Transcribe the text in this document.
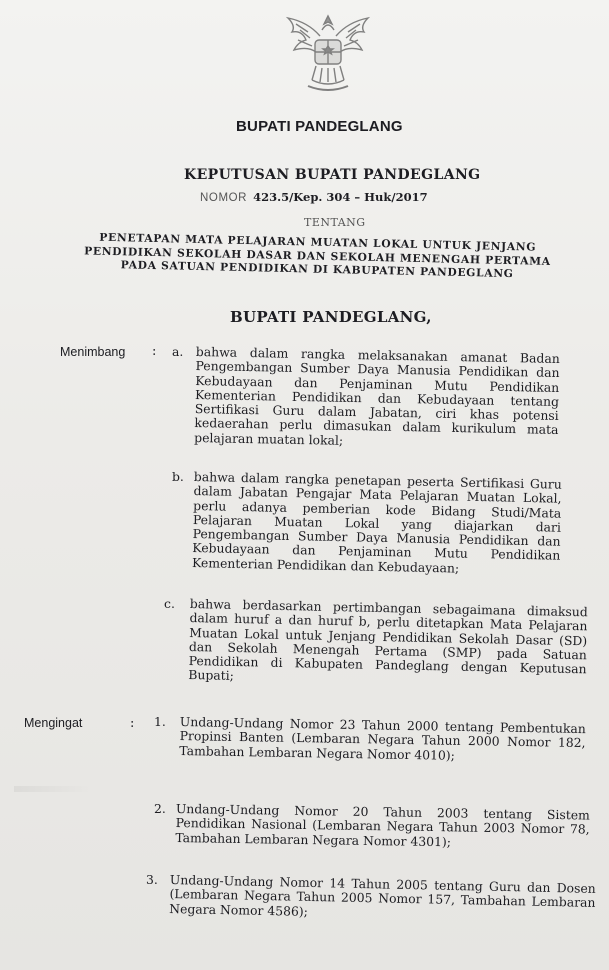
BUPATI PANDEGLANG
KEPUTUSAN BUPATI PANDEGLANG
NOMOR 423.5/Kep. 304 – Huk/2017
TENTANG
PENETAPAN MATA PELAJARAN MUATAN LOKAL UNTUK JENJANG PENDIDIKAN SEKOLAH DASAR DAN SEKOLAH MENENGAH PERTAMA PADA SATUAN PENDIDIKAN DI KABUPATEN PANDEGLANG
BUPATI PANDEGLANG,
Menimbang : a. bahwa dalam rangka melaksanakan amanat Badan Pengembangan Sumber Daya Manusia Pendidikan dan Kebudayaan dan Penjaminan Mutu Pendidikan Kementerian Pendidikan dan Kebudayaan tentang Sertifikasi Guru dalam Jabatan, ciri khas potensi kedaerahan perlu dimasukan dalam kurikulum mata pelajaran muatan lokal;
b. bahwa dalam rangka penetapan peserta Sertifikasi Guru dalam Jabatan Pengajar Mata Pelajaran Muatan Lokal, perlu adanya pemberian kode Bidang Studi/Mata Pelajaran Muatan Lokal yang diajarkan dari Pengembangan Sumber Daya Manusia Pendidikan dan Kebudayaan dan Penjaminan Mutu Pendidikan Kementerian Pendidikan dan Kebudayaan;
c. bahwa berdasarkan pertimbangan sebagaimana dimaksud dalam huruf a dan huruf b, perlu ditetapkan Mata Pelajaran Muatan Lokal untuk Jenjang Pendidikan Sekolah Dasar (SD) dan Sekolah Menengah Pertama (SMP) pada Satuan Pendidikan di Kabupaten Pandeglang dengan Keputusan Bupati;
Mengingat	: 1. Undang-Undang Nomor 23 Tahun 2000 tentang Pembentukan Propinsi Banten (Lembaran Negara Tahun 2000 Nomor 182, Tambahan Lembaran Negara Nomor 4010);
2. Undang-Undang Nomor 20 Tahun 2003 tentang Sistem Pendidikan Nasional (Lembaran Negara Tahun 2003 Nomor 78, Tambahan Lembaran Negara Nomor 4301);
3. Undang-Undang Nomor 14 Tahun 2005 tentang Guru dan Dosen (Lembaran Negara Tahun 2005 Nomor 157, Tambahan Lembaran Negara Nomor 4586);
